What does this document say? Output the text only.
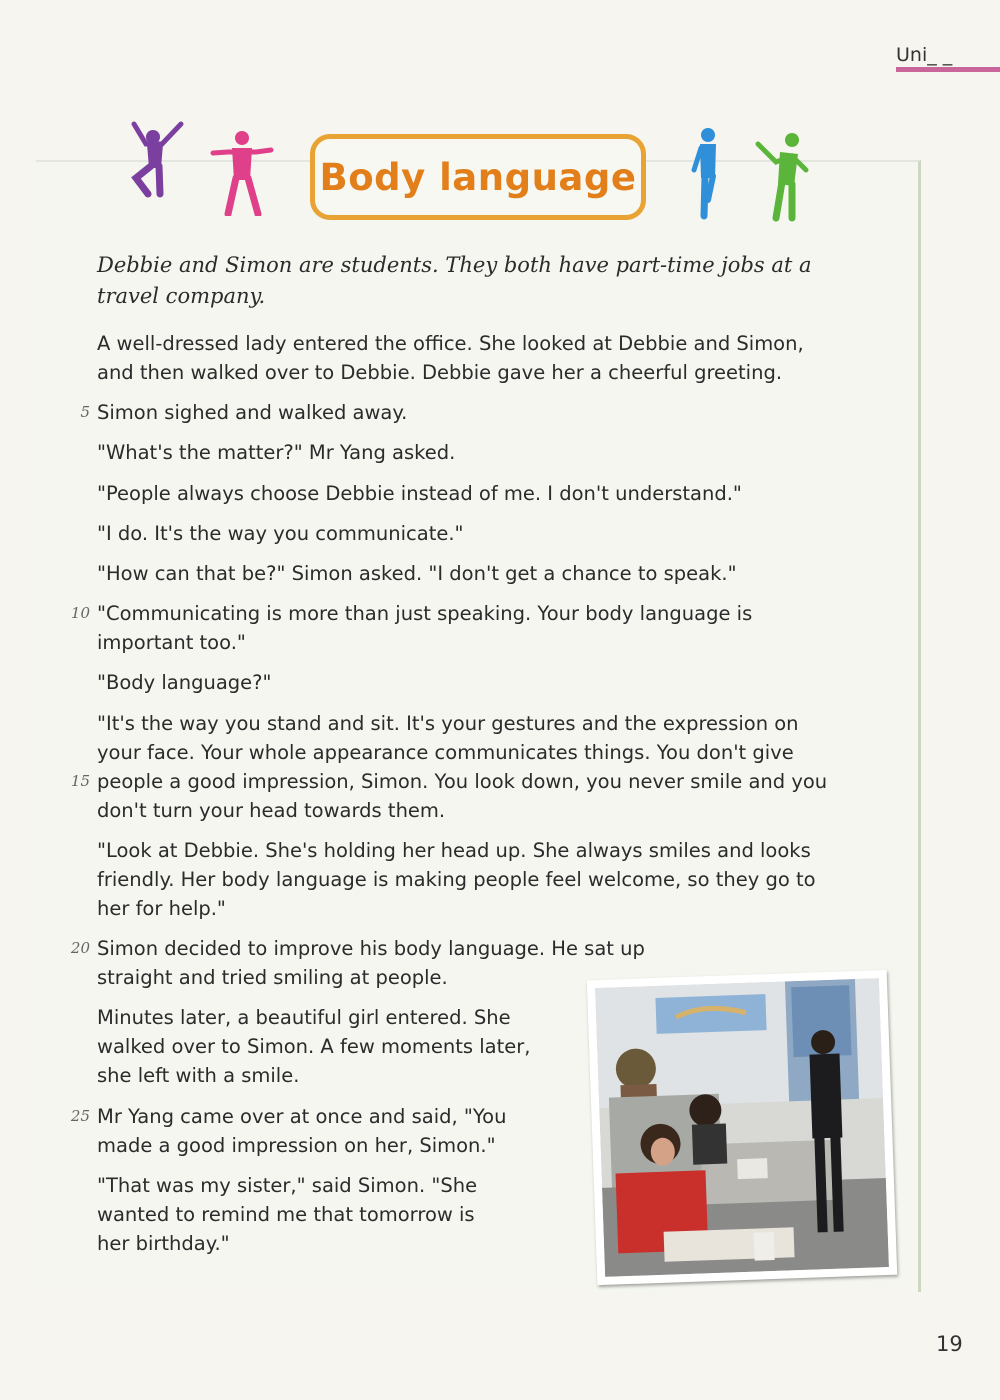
Uni_ _
Body language
Debbie and Simon are students. They both have part-time jobs at a travel company.
A well-dressed lady entered the office. She looked at Debbie and Simon,
and then walked over to Debbie. Debbie gave her a cheerful greeting.
Simon sighed and walked away.
5
"What's the matter?" Mr Yang asked.
"People always choose Debbie instead of me. I don't understand."
"I do. It's the way you communicate."
"How can that be?" Simon asked. "I don't get a chance to speak."
"Communicating is more than just speaking. Your body language is
10
important too."
"Body language?"
"It's the way you stand and sit. It's your gestures and the expression on
your face. Your whole appearance communicates things. You don't give
people a good impression, Simon. You look down, you never smile and you
15
don't turn your head towards them.
"Look at Debbie. She's holding her head up. She always smiles and looks
friendly. Her body language is making people feel welcome, so they go to
her for help."
Simon decided to improve his body language. He sat up
20
straight and tried smiling at people.
Minutes later, a beautiful girl entered. She
walked over to Simon. A few moments later,
she left with a smile.
Mr Yang came over at once and said, "You
25
made a good impression on her, Simon."
"That was my sister," said Simon. "She
wanted to remind me that tomorrow is
her birthday."
19
